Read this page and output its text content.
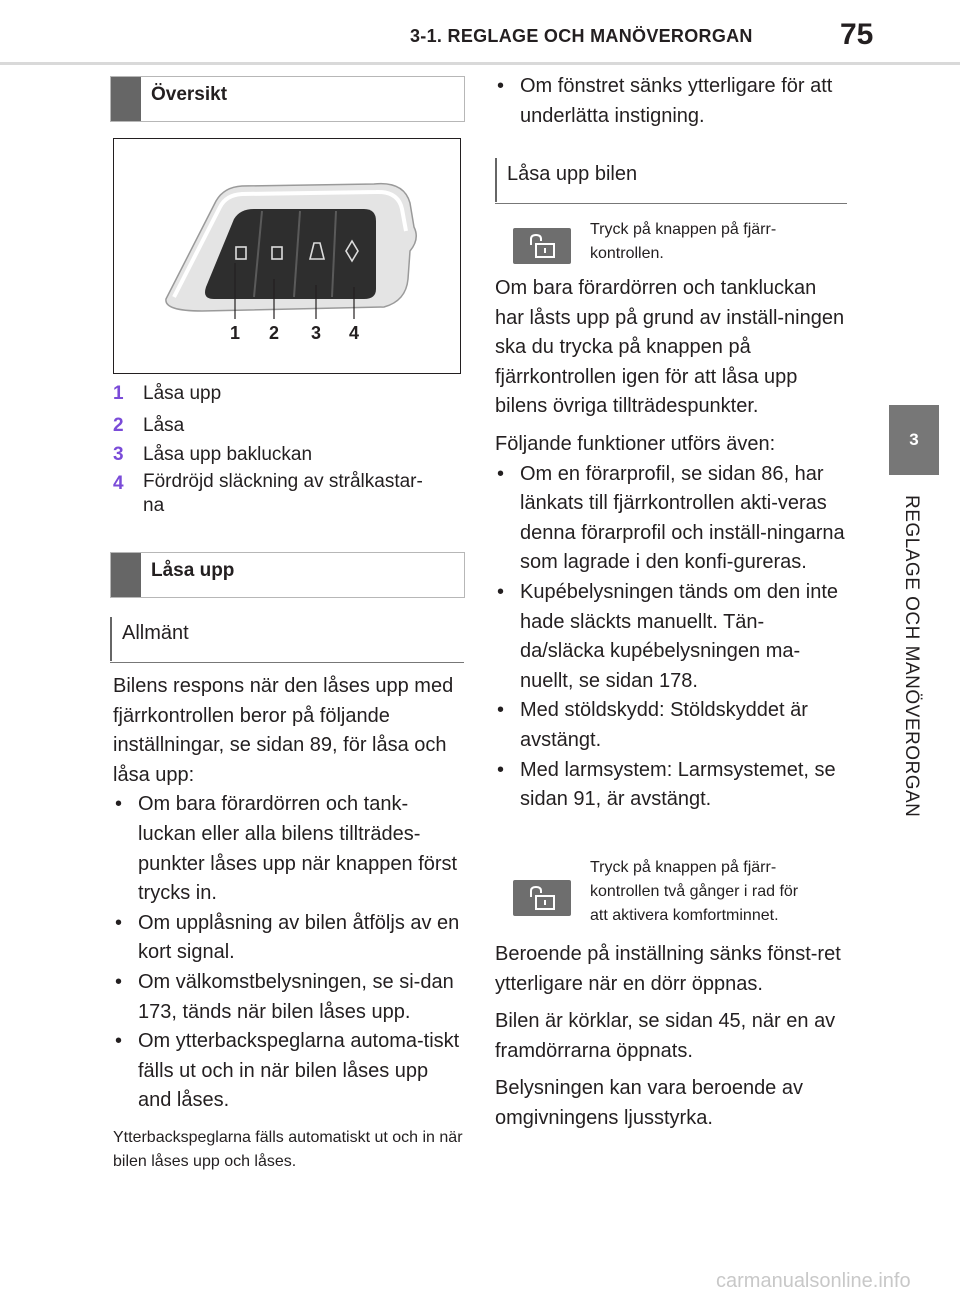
3-1. REGLAGE OCH MANÖVERORGAN	75
3
REGLAGE OCH MANÖVERORGAN
Översikt
1 2 3 4
1	Låsa upp
2	Låsa
3	Låsa upp bakluckan
4	Fördröjd släckning av strålkastar-
na
Låsa upp
Allmänt
Bilens respons när den låses upp med fjärrkontrollen beror på följande inställningar, se sidan 89, för låsa och låsa upp:
• Om bara förardörren och tank-luckan eller alla bilens tillträdes-punkter låses upp när knappen först trycks in.
• Om upplåsning av bilen åtföljs av en kort signal.
• Om välkomstbelysningen, se si-dan 173, tänds när bilen låses upp.
• Om ytterbackspeglarna automa-tiskt fälls ut och in när bilen låses upp and låses.
Ytterbackspeglarna fälls automatiskt ut och in när bilen låses upp och låses.
• Om fönstret sänks ytterligare för att underlätta instigning.
Låsa upp bilen
Tryck på knappen på fjärr-
kontrollen.
Om bara förardörren och tankluckan har låsts upp på grund av inställ-ningen ska du trycka på knappen på fjärrkontrollen igen för att låsa upp bilens övriga tillträdespunkter.
Följande funktioner utförs även:
• Om en förarprofil, se sidan 86, har länkats till fjärrkontrollen akti-veras denna förarprofil och inställ-ningarna som lagrade i den konfi-gureras.
• Kupébelysningen tänds om den inte hade släckts manuellt. Tän-da/släcka kupébelysningen ma-nuellt, se sidan 178.
• Med stöldskydd: Stöldskyddet är avstängt.
• Med larmsystem: Larmsystemet, se sidan 91, är avstängt.
Tryck på knappen på fjärr-
kontrollen två gånger i rad för
att aktivera komfortminnet.
Beroende på inställning sänks fönst-ret ytterligare när en dörr öppnas.
Bilen är körklar, se sidan 45, när en av framdörrarna öppnats.
Belysningen kan vara beroende av omgivningens ljusstyrka.
carmanualsonline.info
